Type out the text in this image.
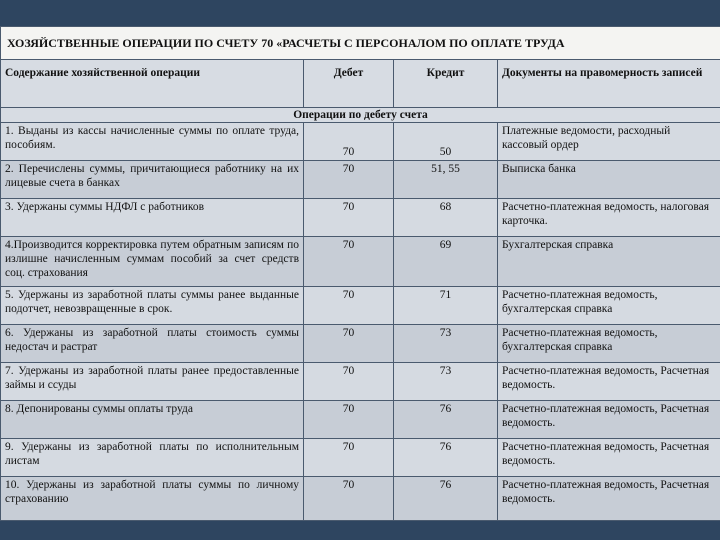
ХОЗЯЙСТВЕННЫЕ ОПЕРАЦИИ ПО СЧЕТУ 70 «РАСЧЕТЫ С ПЕРСОНАЛОМ ПО ОПЛАТЕ ТРУДА			
Содержание хозяйственной операции	Дебет	Кредит	Документы на правомерность записей
Операции по дебету счета			
1. Выданы из кассы начисленные суммы по оплате труда, пособиям.	70	50	Платежные ведомости, расходный кассовый ордер
2. Перечислены суммы, причитающиеся работнику на их лицевые счета в банках	70	51, 55	Выписка банка
3. Удержаны суммы НДФЛ с работников	70	68	Расчетно-платежная ведомость, налоговая карточка.
4.Производится корректировка путем обратным записям по излишне начисленным суммам пособий за счет средств соц. страхования	70	69	Бухгалтерская справка
5. Удержаны из заработной платы суммы ранее выданные подотчет, невозвращенные в срок.	70	71	Расчетно-платежная ведомость, бухгалтерская справка
6. Удержаны из заработной платы стоимость суммы недостач и растрат	70	73	Расчетно-платежная ведомость, бухгалтерская справка
7. Удержаны из заработной платы ранее предоставленные займы и ссуды	70	73	Расчетно-платежная ведомость, Расчетная ведомость.
8. Депонированы суммы оплаты труда	70	76	Расчетно-платежная ведомость, Расчетная ведомость.
9. Удержаны из заработной платы по исполнительным листам	70	76	Расчетно-платежная ведомость, Расчетная ведомость.
10. Удержаны из заработной платы суммы по личному страхованию	70	76	Расчетно-платежная ведомость, Расчетная ведомость.
